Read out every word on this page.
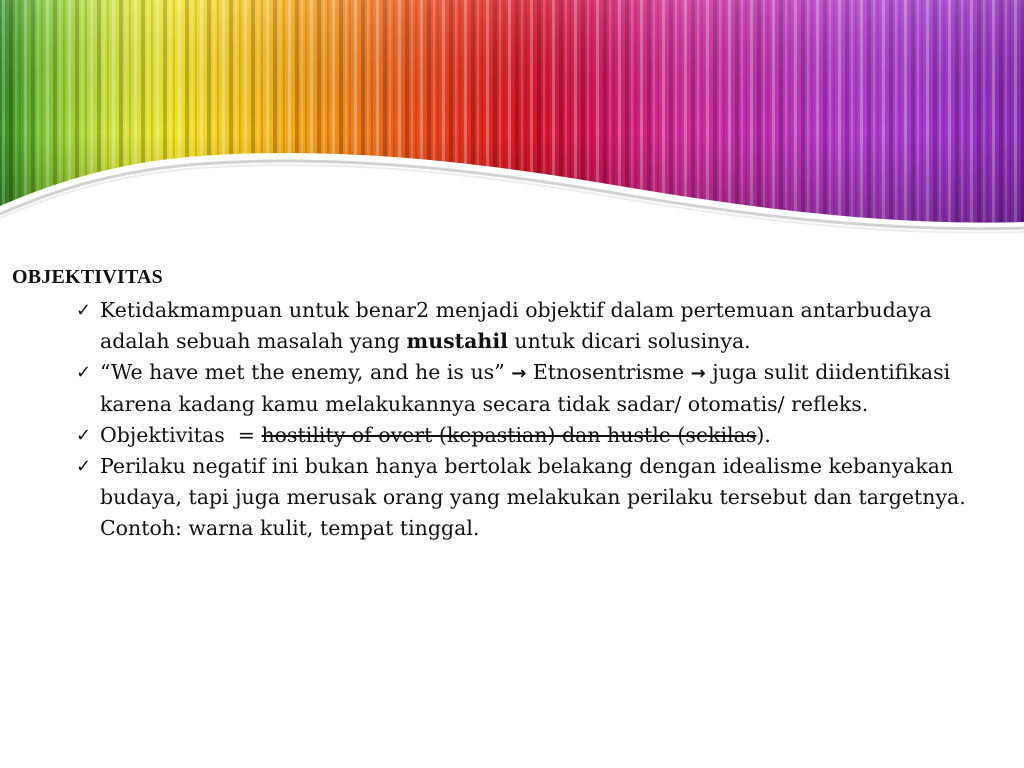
OBJEKTIVITAS
✓ Ketidakmampuan untuk benar2 menjadi objektif dalam pertemuan antarbudaya adalah sebuah masalah yang mustahil untuk dicari solusinya.
✓ “We have met the enemy, and he is us” → Etnosentrisme → juga sulit diidentifikasi karena kadang kamu melakukannya secara tidak sadar/ otomatis/ refleks.
✓ Objektivitas  = hostility of overt (kepastian) dan hustle (sekilas).
✓ Perilaku negatif ini bukan hanya bertolak belakang dengan idealisme kebanyakan budaya, tapi juga merusak orang yang melakukan perilaku tersebut dan targetnya.
Contoh: warna kulit, tempat tinggal.
